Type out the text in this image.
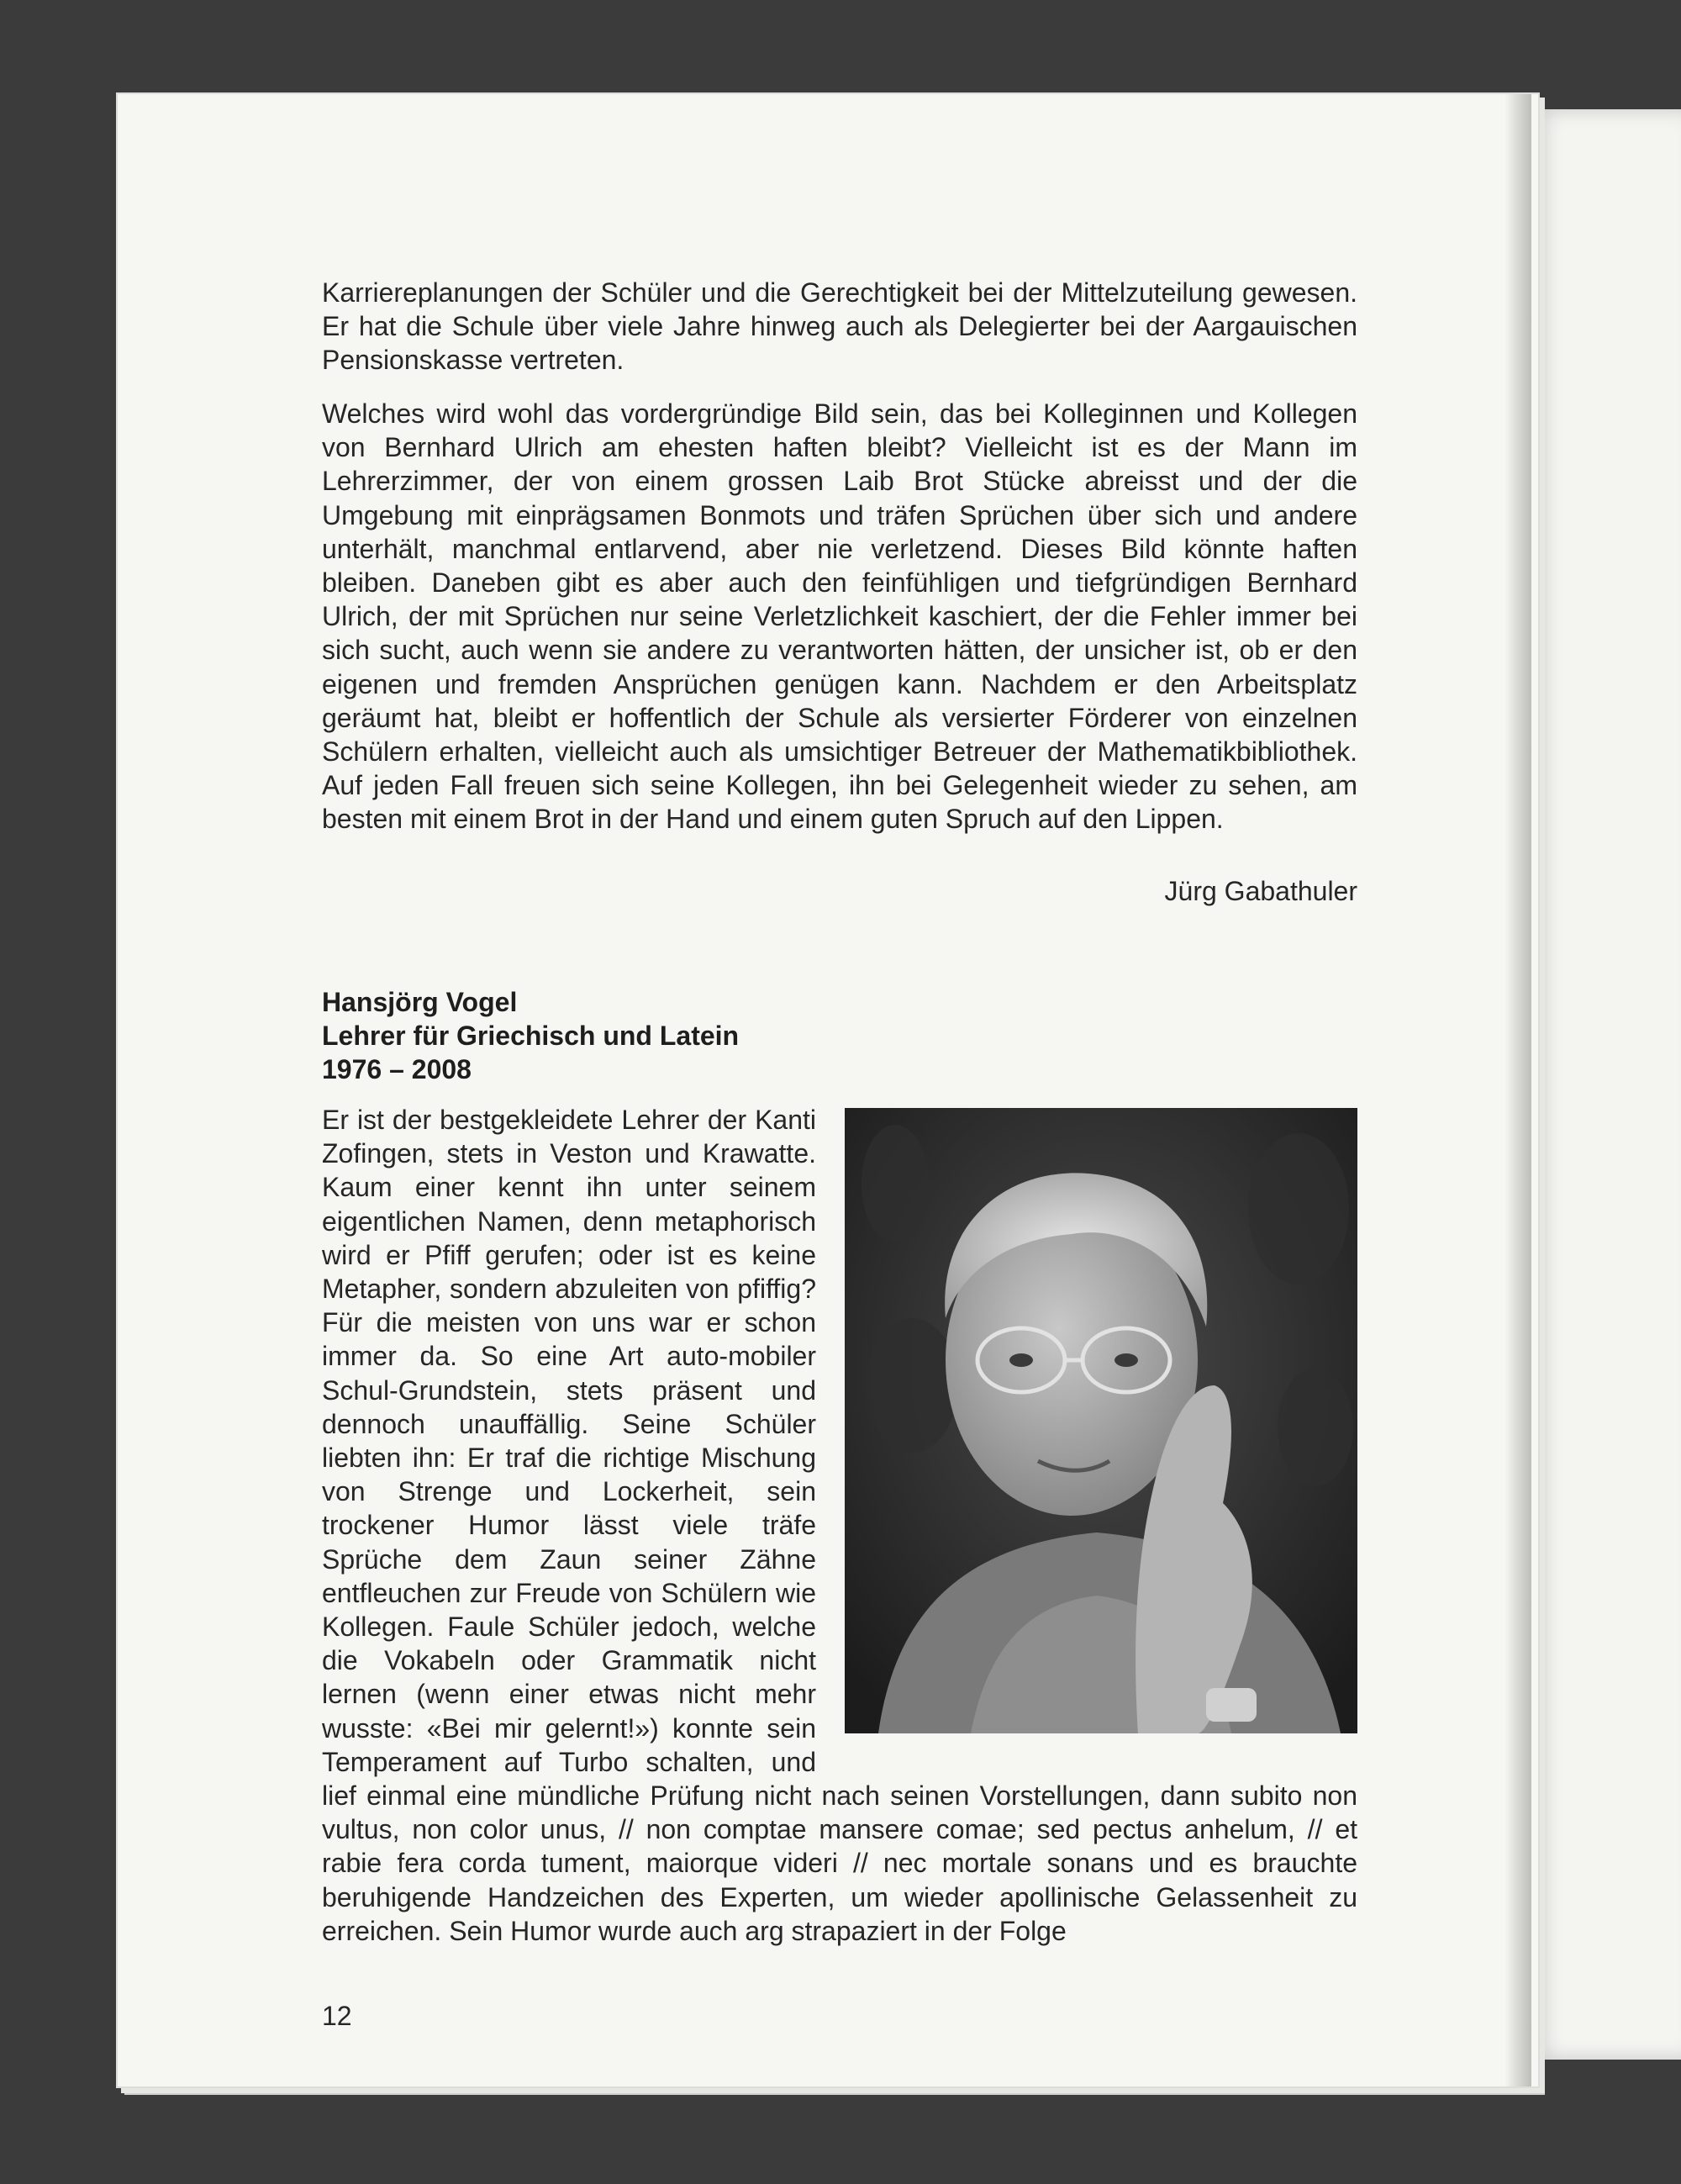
Karriereplanungen der Schüler und die Gerechtigkeit bei der Mittelzuteilung gewesen. Er hat die Schule über viele Jahre hinweg auch als Delegierter bei der Aargauischen Pensionskasse vertreten.

Welches wird wohl das vordergründige Bild sein, das bei Kolleginnen und Kollegen von Bernhard Ulrich am ehesten haften bleibt? Vielleicht ist es der Mann im Lehrerzimmer, der von einem grossen Laib Brot Stücke abreisst und der die Umgebung mit einprägsamen Bonmots und träfen Sprüchen über sich und andere unterhält, manchmal entlarvend, aber nie verletzend. Dieses Bild könnte haften bleiben. Daneben gibt es aber auch den feinfühligen und tiefgründigen Bernhard Ulrich, der mit Sprüchen nur seine Verletzlichkeit kaschiert, der die Fehler immer bei sich sucht, auch wenn sie andere zu verantworten hätten, der unsicher ist, ob er den eigenen und fremden Ansprüchen genügen kann. Nachdem er den Arbeitsplatz geräumt hat, bleibt er hoffentlich der Schule als versierter Förderer von einzelnen Schülern erhalten, vielleicht auch als umsichtiger Betreuer der Mathematikbibliothek. Auf jeden Fall freuen sich seine Kollegen, ihn bei Gelegenheit wieder zu sehen, am besten mit einem Brot in der Hand und einem guten Spruch auf den Lippen.

Jürg Gabathuler
Hansjörg Vogel
Lehrer für Griechisch und Latein
1976 – 2008
Er ist der bestgekleidete Lehrer der Kanti Zofingen, stets in Veston und Krawatte. Kaum einer kennt ihn unter seinem eigentlichen Namen, denn metaphorisch wird er Pfiff gerufen; oder ist es keine Metapher, sondern abzuleiten von pfiffig? Für die meisten von uns war er schon immer da. So eine Art auto-mobiler Schul-Grundstein, stets präsent und dennoch unauffällig. Seine Schüler liebten ihn: Er traf die richtige Mischung von Strenge und Lockerheit, sein trockener Humor lässt viele träfe Sprüche dem Zaun seiner Zähne entfleuchen zur Freude von Schülern wie Kollegen. Faule Schüler jedoch, welche die Vokabeln oder Grammatik nicht lernen (wenn einer etwas nicht mehr wusste: «Bei mir gelernt!») konnte sein Temperament auf Turbo schalten, und lief einmal eine mündliche Prüfung nicht nach seinen Vorstellungen, dann subito non vultus, non color unus, // non comptae mansere comae; sed pectus anhelum, // et rabie fera corda tument, maiorque videri // nec mortale sonans und es brauchte beruhigende Handzeichen des Experten, um wieder apollinische Gelassenheit zu erreichen. Sein Humor wurde auch arg strapaziert in der Folge
12
